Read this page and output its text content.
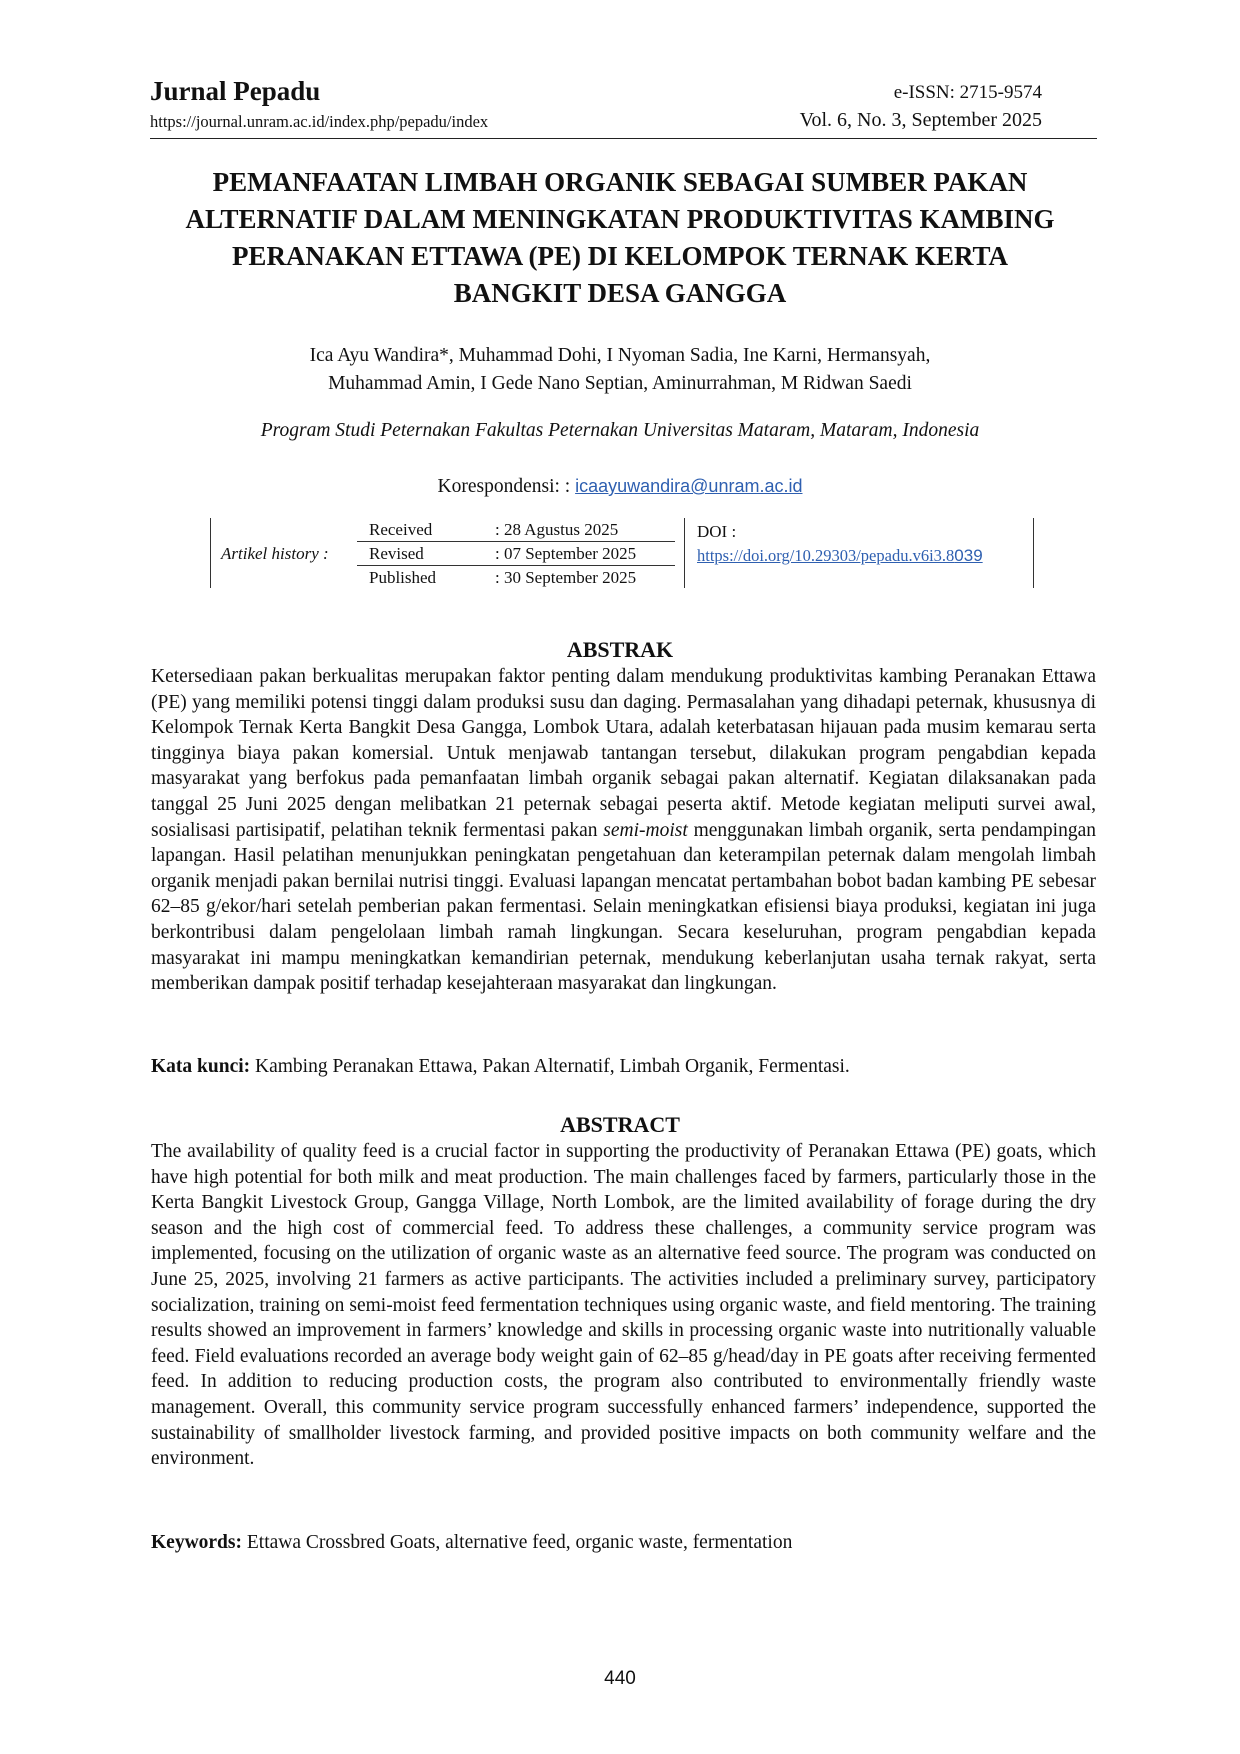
Jurnal Pepadu	e-ISSN: 2715-9574
https://journal.unram.ac.id/index.php/pepadu/index	Vol. 6, No. 3, September 2025
PEMANFAATAN LIMBAH ORGANIK SEBAGAI SUMBER PAKAN
ALTERNATIF DALAM MENINGKATAN PRODUKTIVITAS KAMBING
PERANAKAN ETTAWA (PE) DI KELOMPOK TERNAK KERTA
BANGKIT DESA GANGGA
Ica Ayu Wandira*, Muhammad Dohi, I Nyoman Sadia, Ine Karni, Hermansyah,
Muhammad Amin, I Gede Nano Septian, Aminurrahman, M Ridwan Saedi
Program Studi Peternakan Fakultas Peternakan Universitas Mataram, Mataram, Indonesia
Korespondensi: : icaayuwandira@unram.ac.id
Artikel history :
Received	: 28 Agustus 2025
Revised	: 07 September 2025
Published	: 30 September 2025
DOI :
https://doi.org/10.29303/pepadu.v6i3.8039
ABSTRAK
Ketersediaan pakan berkualitas merupakan faktor penting dalam mendukung produktivitas kambing Peranakan Ettawa (PE) yang memiliki potensi tinggi dalam produksi susu dan daging. Permasalahan yang dihadapi peternak, khususnya di Kelompok Ternak Kerta Bangkit Desa Gangga, Lombok Utara, adalah keterbatasan hijauan pada musim kemarau serta tingginya biaya pakan komersial. Untuk menjawab tantangan tersebut, dilakukan program pengabdian kepada masyarakat yang berfokus pada pemanfaatan limbah organik sebagai pakan alternatif. Kegiatan dilaksanakan pada tanggal 25 Juni 2025 dengan melibatkan 21 peternak sebagai peserta aktif. Metode kegiatan meliputi survei awal, sosialisasi partisipatif, pelatihan teknik fermentasi pakan semi-moist menggunakan limbah organik, serta pendampingan lapangan. Hasil pelatihan menunjukkan peningkatan pengetahuan dan keterampilan peternak dalam mengolah limbah organik menjadi pakan bernilai nutrisi tinggi. Evaluasi lapangan mencatat pertambahan bobot badan kambing PE sebesar 62–85 g/ekor/hari setelah pemberian pakan fermentasi. Selain meningkatkan efisiensi biaya produksi, kegiatan ini juga berkontribusi dalam pengelolaan limbah ramah lingkungan. Secara keseluruhan, program pengabdian kepada masyarakat ini mampu meningkatkan kemandirian peternak, mendukung keberlanjutan usaha ternak rakyat, serta memberikan dampak positif terhadap kesejahteraan masyarakat dan lingkungan.
Kata kunci: Kambing Peranakan Ettawa, Pakan Alternatif, Limbah Organik, Fermentasi.
ABSTRACT
The availability of quality feed is a crucial factor in supporting the productivity of Peranakan Ettawa (PE) goats, which have high potential for both milk and meat production. The main challenges faced by farmers, particularly those in the Kerta Bangkit Livestock Group, Gangga Village, North Lombok, are the limited availability of forage during the dry season and the high cost of commercial feed. To address these challenges, a community service program was implemented, focusing on the utilization of organic waste as an alternative feed source. The program was conducted on June 25, 2025, involving 21 farmers as active participants. The activities included a preliminary survey, participatory socialization, training on semi-moist feed fermentation techniques using organic waste, and field mentoring. The training results showed an improvement in farmers’ knowledge and skills in processing organic waste into nutritionally valuable feed. Field evaluations recorded an average body weight gain of 62–85 g/head/day in PE goats after receiving fermented feed. In addition to reducing production costs, the program also contributed to environmentally friendly waste management. Overall, this community service program successfully enhanced farmers’ independence, supported the sustainability of smallholder livestock farming, and provided positive impacts on both community welfare and the environment.
Keywords: Ettawa Crossbred Goats, alternative feed, organic waste, fermentation
440
